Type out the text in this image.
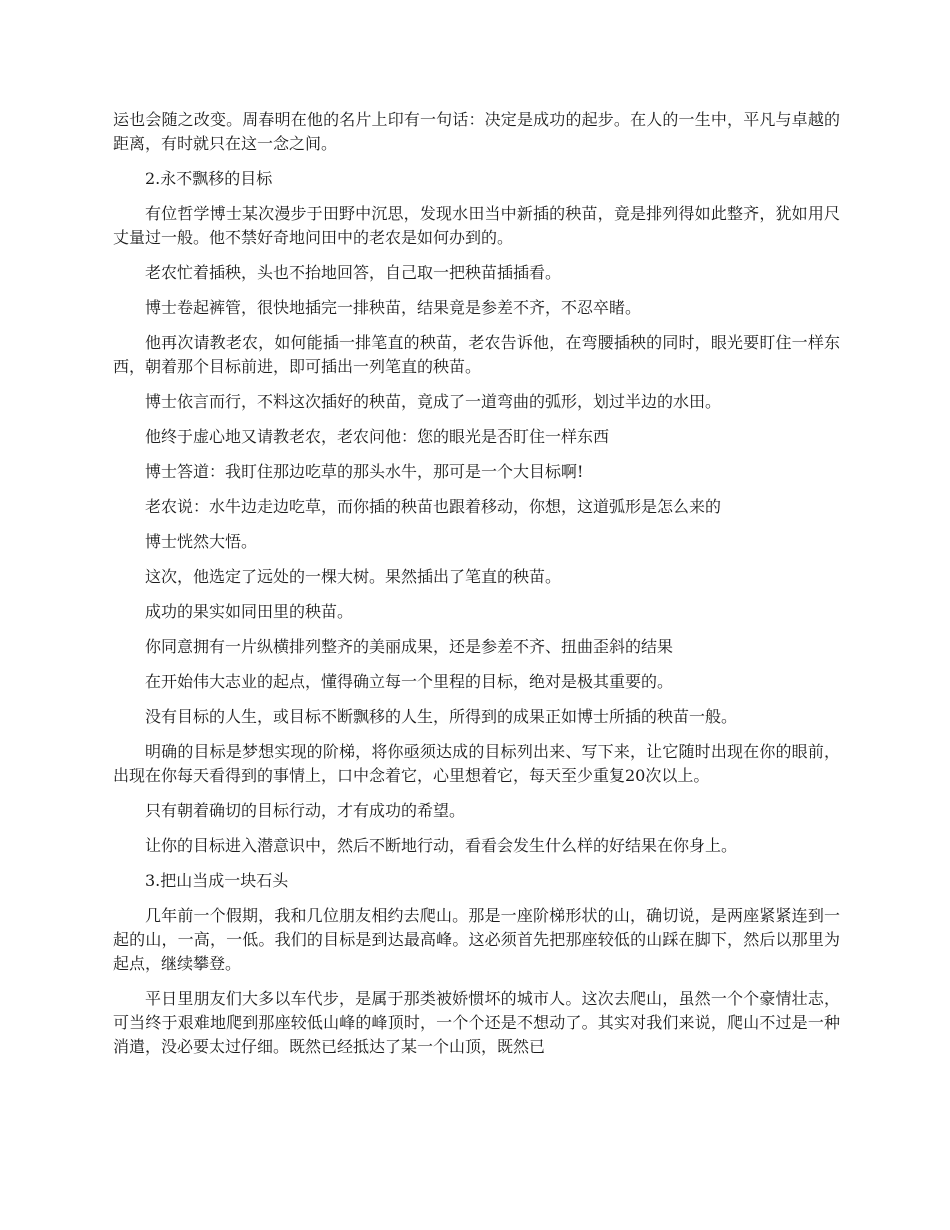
运也会随之改变。周春明在他的名片上印有一句话：决定是成功的起步。在人的一生中，平凡与卓越的距离，有时就只在这一念之间。

2.永不飘移的目标

有位哲学博士某次漫步于田野中沉思，发现水田当中新插的秧苗，竟是排列得如此整齐，犹如用尺丈量过一般。他不禁好奇地问田中的老农是如何办到的。

老农忙着插秧，头也不抬地回答，自己取一把秧苗插插看。

博士卷起裤管，很快地插完一排秧苗，结果竟是参差不齐，不忍卒睹。

他再次请教老农，如何能插一排笔直的秧苗，老农告诉他，在弯腰插秧的同时，眼光要盯住一样东西，朝着那个目标前进，即可插出一列笔直的秧苗。

博士依言而行，不料这次插好的秧苗，竟成了一道弯曲的弧形，划过半边的水田。

他终于虚心地又请教老农，老农问他：您的眼光是否盯住一样东西

博士答道：我盯住那边吃草的那头水牛，那可是一个大目标啊!

老农说：水牛边走边吃草，而你插的秧苗也跟着移动，你想，这道弧形是怎么来的

博士恍然大悟。

这次，他选定了远处的一棵大树。果然插出了笔直的秧苗。

成功的果实如同田里的秧苗。

你同意拥有一片纵横排列整齐的美丽成果，还是参差不齐、扭曲歪斜的结果

在开始伟大志业的起点，懂得确立每一个里程的目标，绝对是极其重要的。

没有目标的人生，或目标不断飘移的人生，所得到的成果正如博士所插的秧苗一般。

明确的目标是梦想实现的阶梯，将你亟须达成的目标列出来、写下来，让它随时出现在你的眼前，出现在你每天看得到的事情上，口中念着它，心里想着它，每天至少重复20次以上。

只有朝着确切的目标行动，才有成功的希望。

让你的目标进入潜意识中，然后不断地行动，看看会发生什么样的好结果在你身上。

3.把山当成一块石头

几年前一个假期，我和几位朋友相约去爬山。那是一座阶梯形状的山，确切说，是两座紧紧连到一起的山，一高，一低。我们的目标是到达最高峰。这必须首先把那座较低的山踩在脚下，然后以那里为起点，继续攀登。

平日里朋友们大多以车代步，是属于那类被娇惯坏的城市人。这次去爬山，虽然一个个豪情壮志，可当终于艰难地爬到那座较低山峰的峰顶时，一个个还是不想动了。其实对我们来说，爬山不过是一种消遣，没必要太过仔细。既然已经抵达了某一个山顶，既然已
